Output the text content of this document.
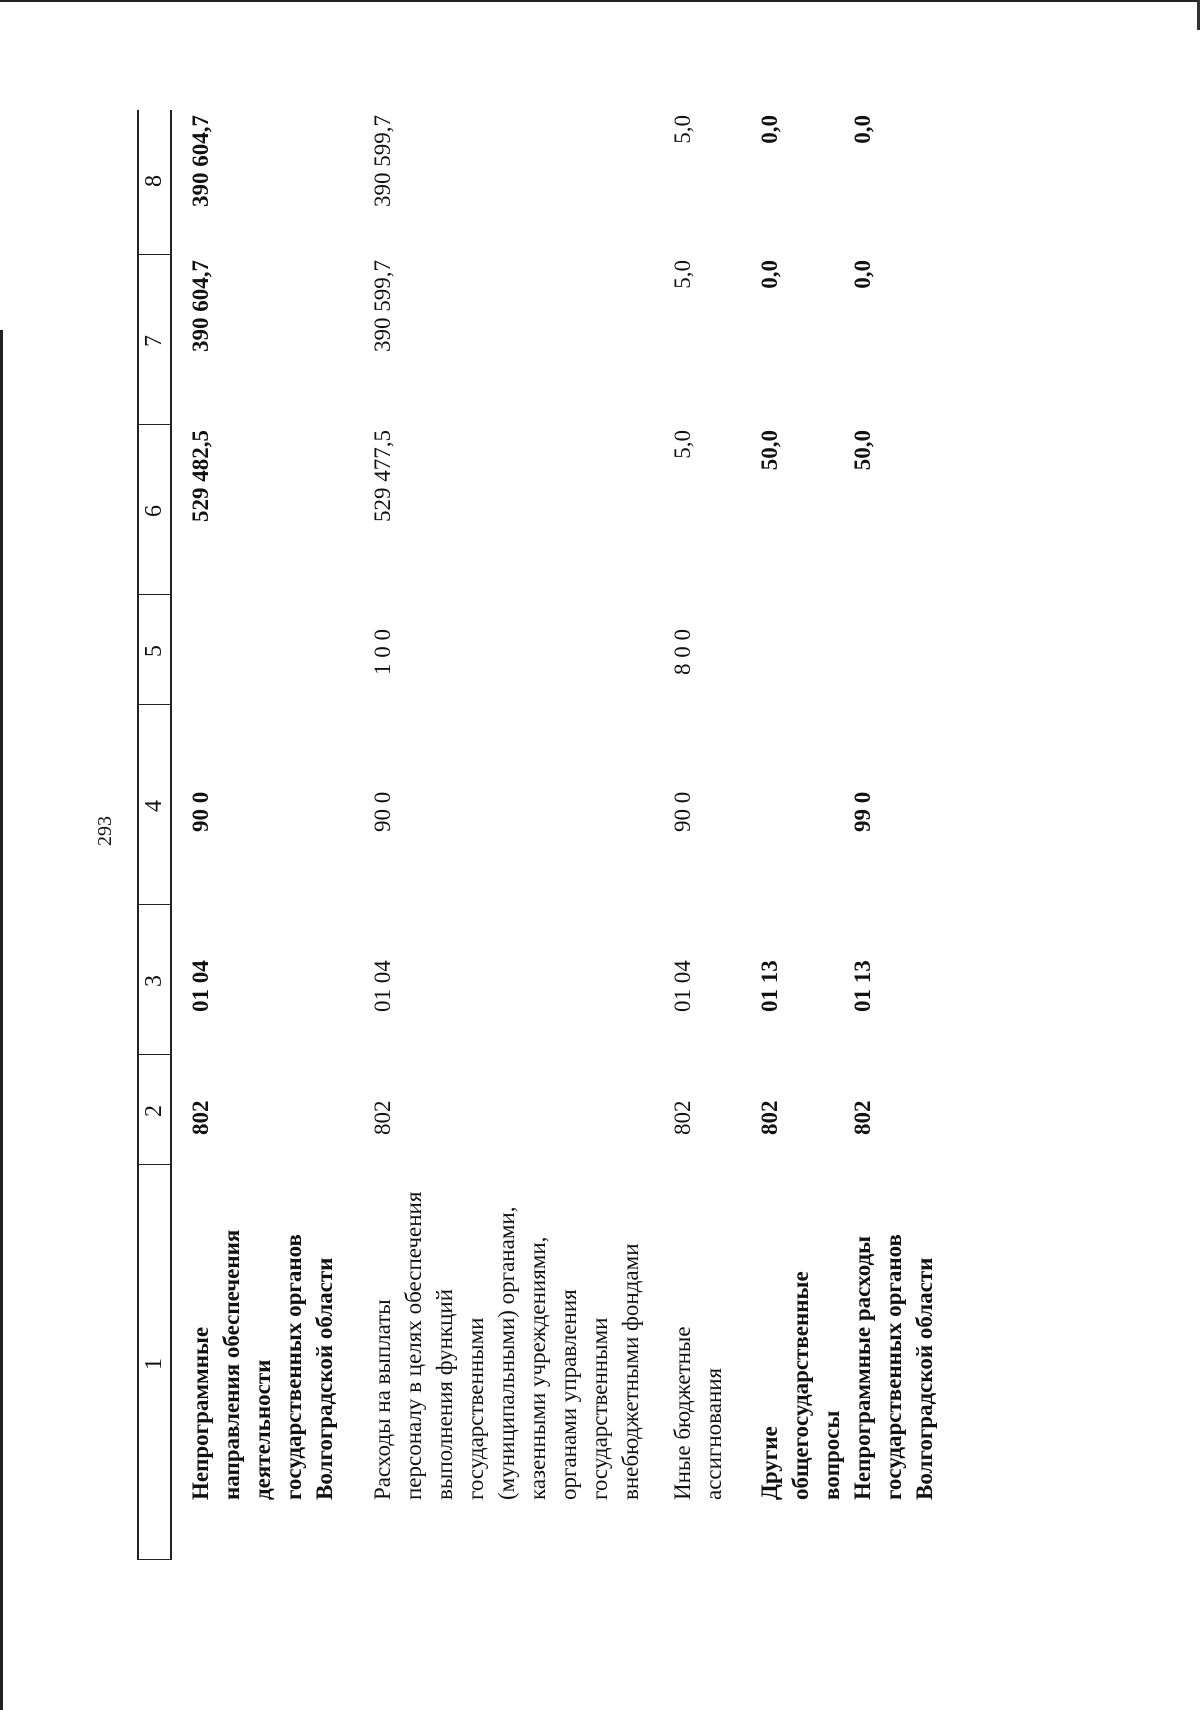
293
1
2
3
4
5
6
7
8
Непрограммные направления обеспечения деятельности государственных органов Волгоградской области
802
01 04
90 0
529 482,5
390 604,7
390 604,7
Расходы на выплаты персоналу в целях обеспечения выполнения функций государственными (муниципальными) органами, казенными учреждениями, органами управления государственными внебюджетными фондами
802
01 04
90 0
1 0 0
529 477,5
390 599,7
390 599,7
Иные бюджетные ассигнования
802
01 04
90 0
8 0 0
5,0
5,0
5,0
Другие общегосударственные вопросы
802
01 13
50,0
0,0
0,0
Непрограммные расходы государственных органов Волгоградской области
802
01 13
99 0
50,0
0,0
0,0
